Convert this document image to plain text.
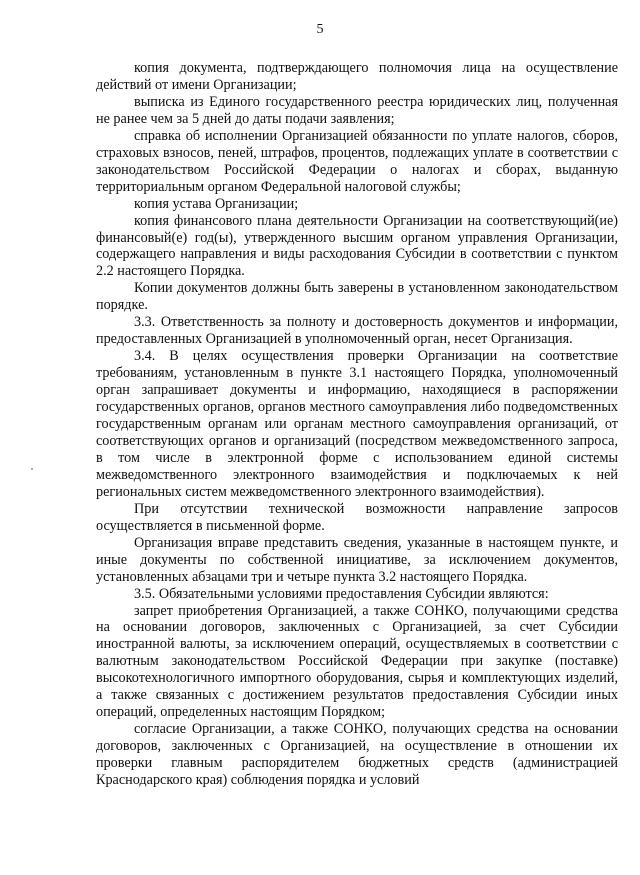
5

копия документа, подтверждающего полномочия лица на осуществление действий от имени Организации;

выписка из Единого государственного реестра юридических лиц, полученная не ранее чем за 5 дней до даты подачи заявления;

справка об исполнении Организацией обязанности по уплате налогов, сборов, страховых взносов, пеней, штрафов, процентов, подлежащих уплате в соответствии с законодательством Российской Федерации о налогах и сборах, выданную территориальным органом Федеральной налоговой службы;

копия устава Организации;

копия финансового плана деятельности Организации на соответствующий(ие) финансовый(е) год(ы), утвержденного высшим органом управления Организации, содержащего направления и виды расходования Субсидии в соответствии с пунктом 2.2 настоящего Порядка.

Копии документов должны быть заверены в установленном законодательством порядке.

3.3. Ответственность за полноту и достоверность документов и информации, предоставленных Организацией в уполномоченный орган, несет Организация.

3.4. В целях осуществления проверки Организации на соответствие требованиям, установленным в пункте 3.1 настоящего Порядка, уполномоченный орган запрашивает документы и информацию, находящиеся в распоряжении государственных органов, органов местного самоуправления либо подведомственных государственным органам или органам местного самоуправления организаций, от соответствующих органов и организаций (посредством межведомственного запроса, в том числе в электронной форме с использованием единой системы межведомственного электронного взаимодействия и подключаемых к ней региональных систем межведомственного электронного взаимодействия).

При отсутствии технической возможности направление запросов осуществляется в письменной форме.

Организация вправе представить сведения, указанные в настоящем пункте, и иные документы по собственной инициативе, за исключением документов, установленных абзацами три и четыре пункта 3.2 настоящего Порядка.

3.5. Обязательными условиями предоставления Субсидии являются:

запрет приобретения Организацией, а также СОНКО, получающими средства на основании договоров, заключенных с Организацией, за счет Субсидии иностранной валюты, за исключением операций, осуществляемых в соответствии с валютным законодательством Российской Федерации при закупке (поставке) высокотехнологичного импортного оборудования, сырья и комплектующих изделий, а также связанных с достижением результатов предоставления Субсидии иных операций, определенных настоящим Порядком;

согласие Организации, а также СОНКО, получающих средства на основании договоров, заключенных с Организацией, на осуществление в отношении их проверки главным распорядителем бюджетных средств (администрацией Краснодарского края) соблюдения порядка и условий
